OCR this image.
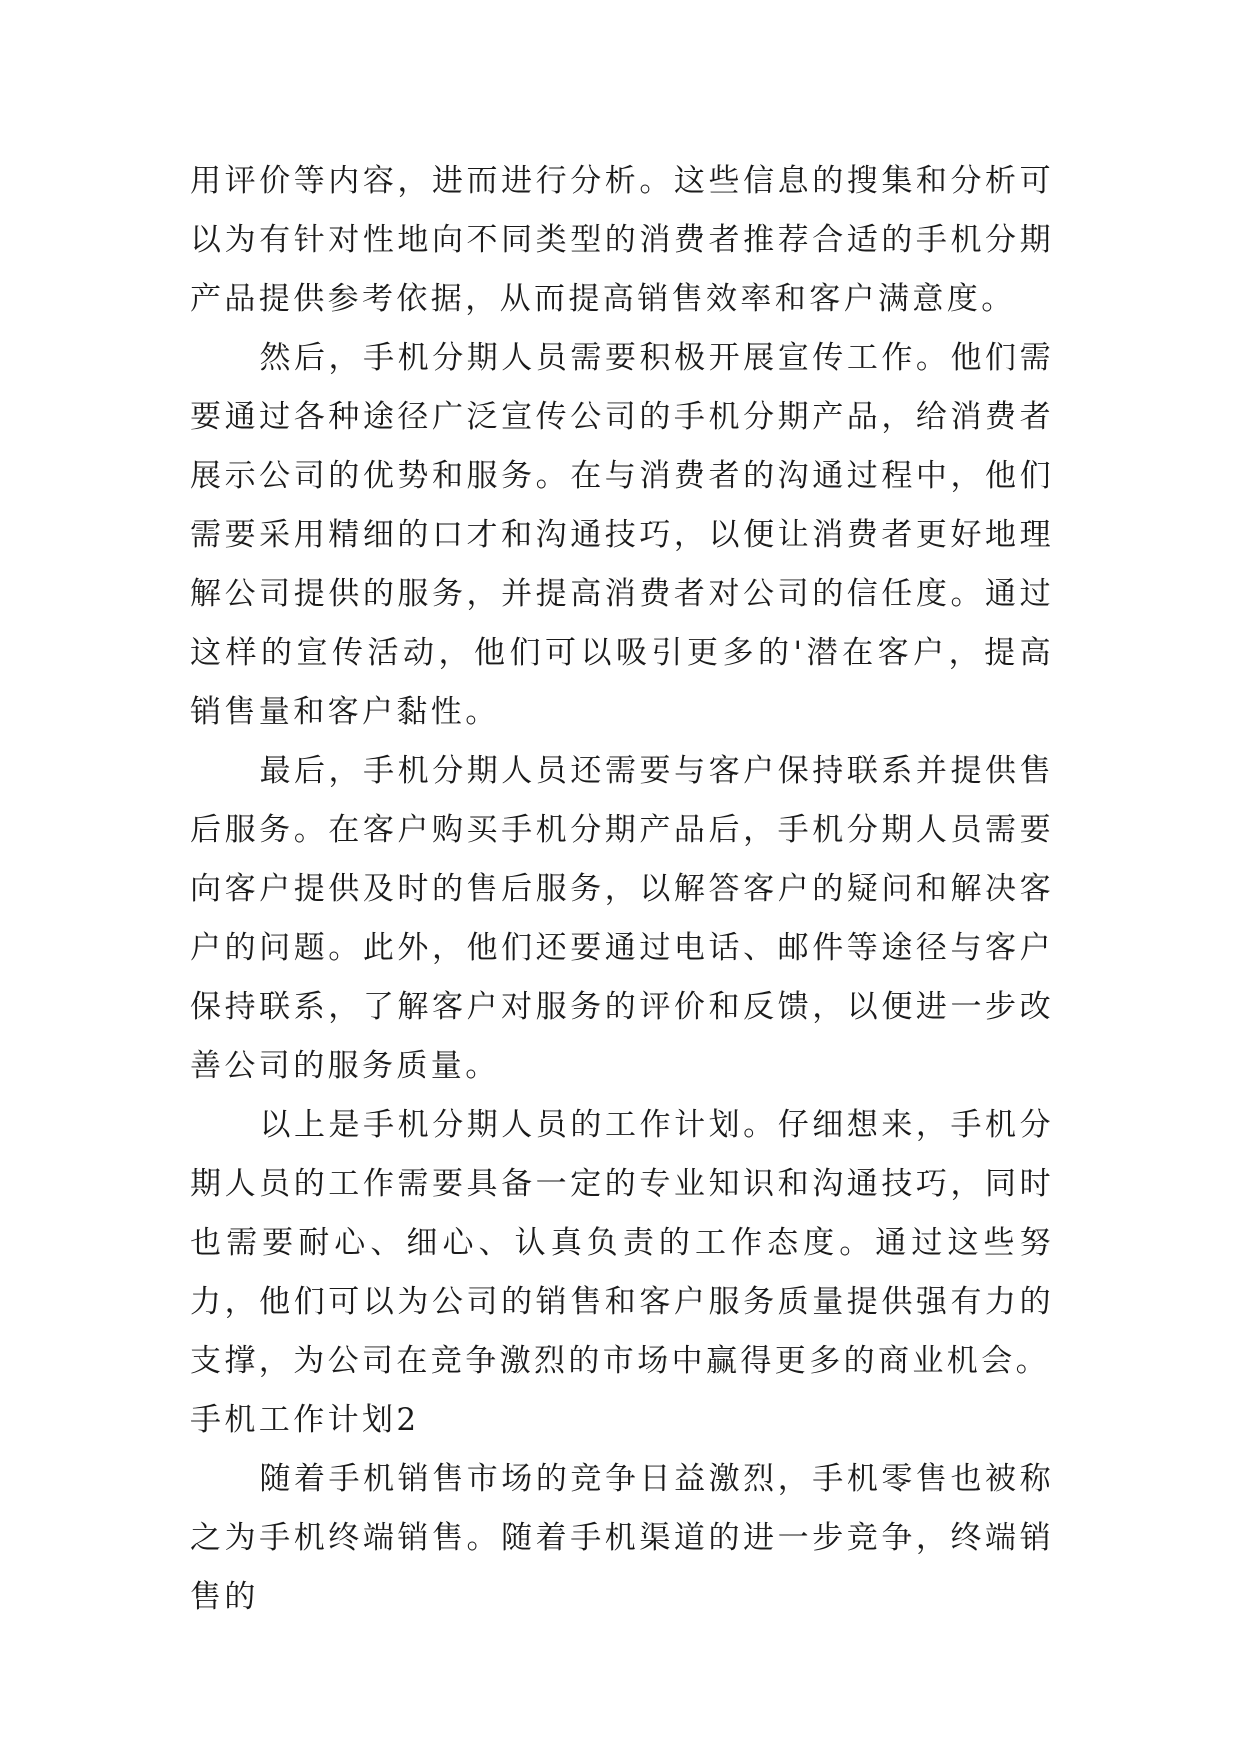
用评价等内容，进而进行分析。这些信息的搜集和分析可以为有针对性地向不同类型的消费者推荐合适的手机分期产品提供参考依据，从而提高销售效率和客户满意度。

然后，手机分期人员需要积极开展宣传工作。他们需要通过各种途径广泛宣传公司的手机分期产品，给消费者展示公司的优势和服务。在与消费者的沟通过程中，他们需要采用精细的口才和沟通技巧，以便让消费者更好地理解公司提供的服务，并提高消费者对公司的信任度。通过这样的宣传活动，他们可以吸引更多的'潜在客户，提高销售量和客户黏性。

最后，手机分期人员还需要与客户保持联系并提供售后服务。在客户购买手机分期产品后，手机分期人员需要向客户提供及时的售后服务，以解答客户的疑问和解决客户的问题。此外，他们还要通过电话、邮件等途径与客户保持联系，了解客户对服务的评价和反馈，以便进一步改善公司的服务质量。

以上是手机分期人员的工作计划。仔细想来，手机分期人员的工作需要具备一定的专业知识和沟通技巧，同时也需要耐心、细心、认真负责的工作态度。通过这些努力，他们可以为公司的销售和客户服务质量提供强有力的支撑，为公司在竞争激烈的市场中赢得更多的商业机会。

手机工作计划2

随着手机销售市场的竞争日益激烈，手机零售也被称之为手机终端销售。随着手机渠道的进一步竞争，终端销售的
